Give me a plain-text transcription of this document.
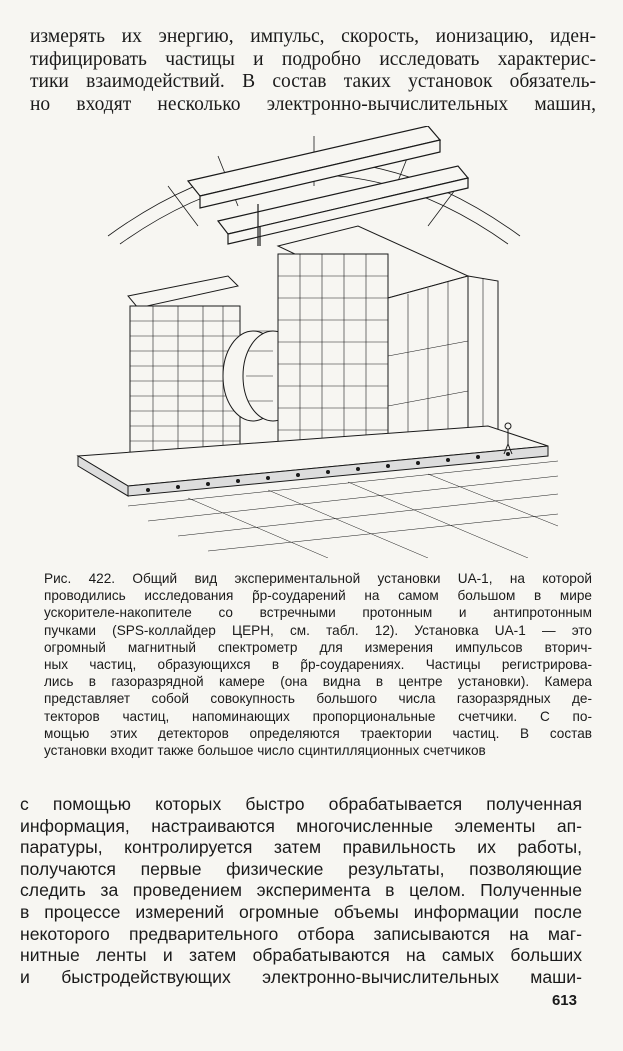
измерять их энергию, импульс, скорость, ионизацию, иден-
тифицировать частицы и подробно исследовать характерис-
тики взаимодействий. В состав таких установок обязатель-
но входят несколько электронно-вычислительных машин,
Рис. 422. Общий вид экспериментальной установки UA-1, на которой
проводились исследования p̃p-соударений на самом большом в мире
ускорителе-накопителе со встречными протонным и антипротонным
пучками (SPS-коллайдер ЦЕРН, см. табл. 12). Установка UA-1 — это
огромный магнитный спектрометр для измерения импульсов вторич-
ных частиц, образующихся в p̃p-соударениях. Частицы регистрирова-
лись в газоразрядной камере (она видна в центре установки). Камера
представляет собой совокупность большого числа газоразрядных де-
текторов частиц, напоминающих пропорциональные счетчики. С по-
мощью этих детекторов определяются траектории частиц. В состав
установки входит также большое число сцинтилляционных счетчиков
с помощью которых быстро обрабатывается полученная
информация, настраиваются многочисленные элементы ап-
паратуры, контролируется затем правильность их работы,
получаются первые физические результаты, позволяющие
следить за проведением эксперимента в целом. Полученные
в процессе измерений огромные объемы информации после
некоторого предварительного отбора записываются на маг-
нитные ленты и затем обрабатываются на самых больших
и быстродействующих электронно-вычислительных маши-
613
